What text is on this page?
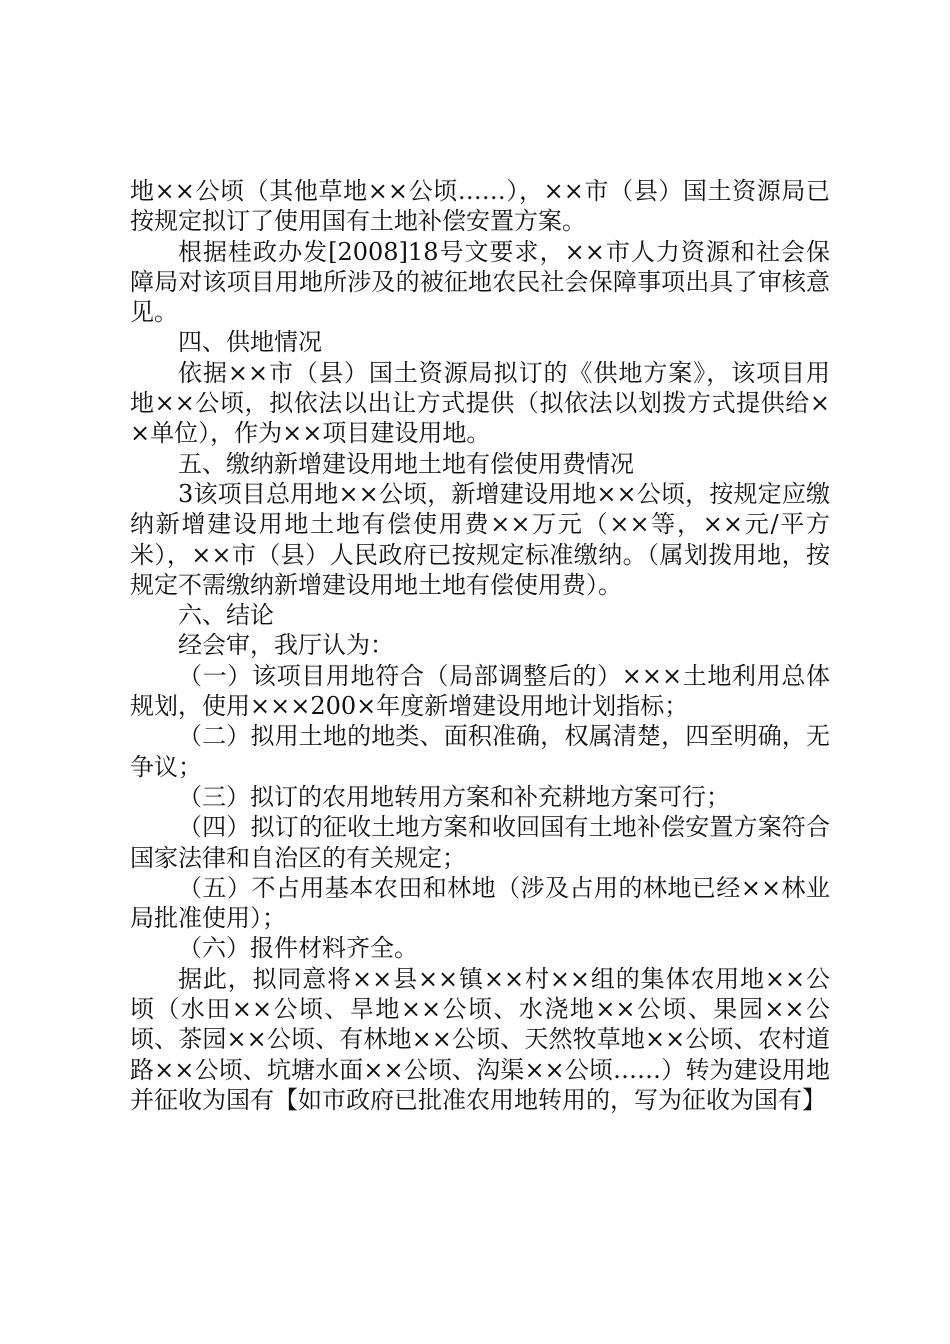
地××公顷（其他草地××公顷……），××市（县）国土资源局已按规定拟订了使用国有土地补偿安置方案。

根据桂政办发[2008]18号文要求，××市人力资源和社会保障局对该项目用地所涉及的被征地农民社会保障事项出具了审核意见。

四、供地情况

依据××市（县）国土资源局拟订的《供地方案》，该项目用地××公顷，拟依法以出让方式提供（拟依法以划拨方式提供给××单位），作为××项目建设用地。

五、缴纳新增建设用地土地有偿使用费情况

3该项目总用地××公顷，新增建设用地××公顷，按规定应缴纳新增建设用地土地有偿使用费××万元（××等，××元/平方米），××市（县）人民政府已按规定标准缴纳。（属划拨用地，按规定不需缴纳新增建设用地土地有偿使用费）。

六、结论

经会审，我厅认为：

（一）该项目用地符合（局部调整后的）×××土地利用总体规划，使用×××200×年度新增建设用地计划指标；

（二）拟用土地的地类、面积准确，权属清楚，四至明确，无争议；

（三）拟订的农用地转用方案和补充耕地方案可行；

（四）拟订的征收土地方案和收回国有土地补偿安置方案符合国家法律和自治区的有关规定；

（五）不占用基本农田和林地（涉及占用的林地已经××林业局批准使用）；

（六）报件材料齐全。

据此，拟同意将××县××镇××村××组的集体农用地××公顷（水田××公顷、旱地××公顷、水浇地××公顷、果园××公顷、茶园××公顷、有林地××公顷、天然牧草地××公顷、农村道路××公顷、坑塘水面××公顷、沟渠××公顷……）转为建设用地并征收为国有【如市政府已批准农用地转用的，写为征收为国有】
